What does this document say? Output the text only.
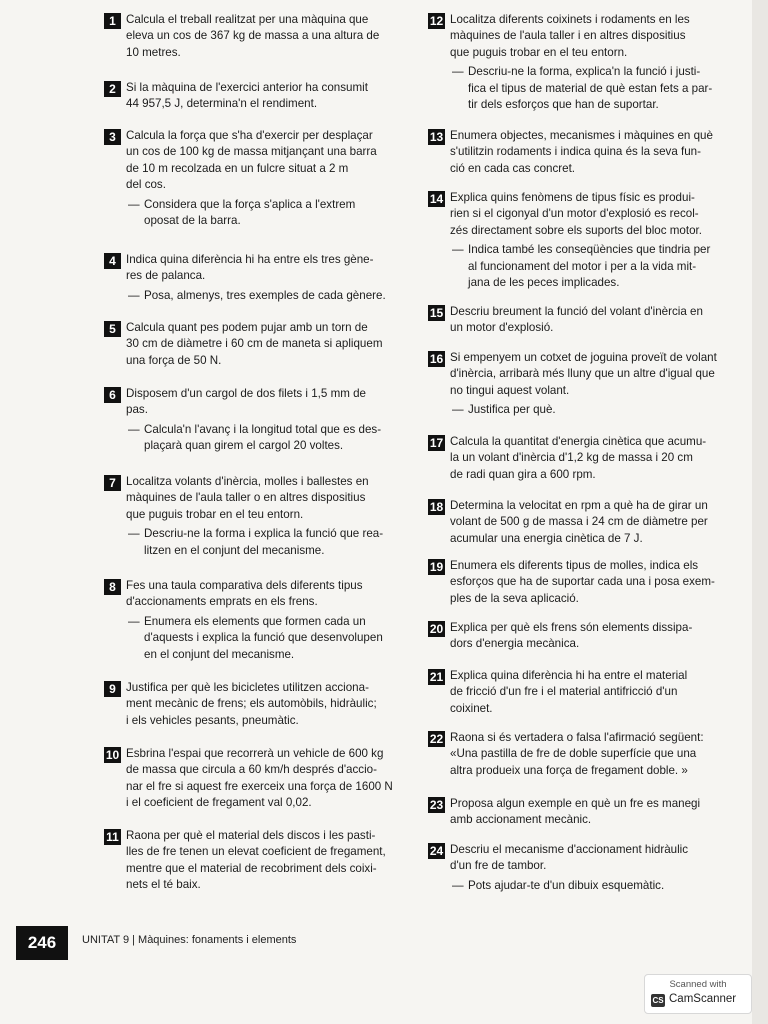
1 Calcula el treball realitzat per una màquina que
eleva un cos de 367 kg de massa a una altura de
10 metres.
2 Si la màquina de l'exercici anterior ha consumit
44 957,5 J, determina'n el rendiment.
3 Calcula la força que s'ha d'exercir per desplaçar
un cos de 100 kg de massa mitjançant una barra
de 10 m recolzada en un fulcre situat a 2 m
del cos.
— Considera que la força s'aplica a l'extrem
oposat de la barra.
4 Indica quina diferència hi ha entre els tres gène-
res de palanca.
— Posa, almenys, tres exemples de cada gènere.
5 Calcula quant pes podem pujar amb un torn de
30 cm de diàmetre i 60 cm de maneta si apliquem
una força de 50 N.
6 Disposem d'un cargol de dos filets i 1,5 mm de
pas.
— Calcula'n l'avanç i la longitud total que es des-
plaçarà quan girem el cargol 20 voltes.
7 Localitza volants d'inèrcia, molles i ballestes en
màquines de l'aula taller o en altres dispositius
que puguis trobar en el teu entorn.
— Descriu-ne la forma i explica la funció que rea-
litzen en el conjunt del mecanisme.
8 Fes una taula comparativa dels diferents tipus
d'accionaments emprats en els frens.
— Enumera els elements que formen cada un
d'aquests i explica la funció que desenvolupen
en el conjunt del mecanisme.
9 Justifica per què les bicicletes utilitzen acciona-
ment mecànic de frens; els automòbils, hidràulic;
i els vehicles pesants, pneumàtic.
10 Esbrina l'espai que recorrerà un vehicle de 600 kg
de massa que circula a 60 km/h després d'accio-
nar el fre si aquest fre exerceix una força de 1600 N
i el coeficient de fregament val 0,02.
11 Raona per què el material dels discos i les pasti-
lles de fre tenen un elevat coeficient de fregament,
mentre que el material de recobriment dels coixi-
nets el té baix.
12 Localitza diferents coixinets i rodaments en les
màquines de l'aula taller i en altres dispositius
que puguis trobar en el teu entorn.
— Descriu-ne la forma, explica'n la funció i justi-
fica el tipus de material de què estan fets a par-
tir dels esforços que han de suportar.
13 Enumera objectes, mecanismes i màquines en què
s'utilitzin rodaments i indica quina és la seva fun-
ció en cada cas concret.
14 Explica quins fenòmens de tipus físic es produi-
rien si el cigonyal d'un motor d'explosió es recol-
zés directament sobre els suports del bloc motor.
— Indica també les conseqüències que tindria per
al funcionament del motor i per a la vida mit-
jana de les peces implicades.
15 Descriu breument la funció del volant d'inèrcia en
un motor d'explosió.
16 Si empenyem un cotxet de joguina proveït de volant
d'inèrcia, arribarà més lluny que un altre d'igual que
no tingui aquest volant.
— Justifica per què.
17 Calcula la quantitat d'energia cinètica que acumu-
la un volant d'inèrcia d'1,2 kg de massa i 20 cm
de radi quan gira a 600 rpm.
18 Determina la velocitat en rpm a què ha de girar un
volant de 500 g de massa i 24 cm de diàmetre per
acumular una energia cinètica de 7 J.
19 Enumera els diferents tipus de molles, indica els
esforços que ha de suportar cada una i posa exem-
ples de la seva aplicació.
20 Explica per què els frens són elements dissipa-
dors d'energia mecànica.
21 Explica quina diferència hi ha entre el material
de fricció d'un fre i el material antifricció d'un
coixinet.
22 Raona si és vertadera o falsa l'afirmació següent:
«Una pastilla de fre de doble superfície que una
altra produeix una força de fregament doble. »
23 Proposa algun exemple en què un fre es manegi
amb accionament mecànic.
24 Descriu el mecanisme d'accionament hidràulic
d'un fre de tambor.
— Pots ajudar-te d'un dibuix esquemàtic.
246	UNITAT 9 | Màquines: fonaments i elements
Scanned with
CS CamScanner
